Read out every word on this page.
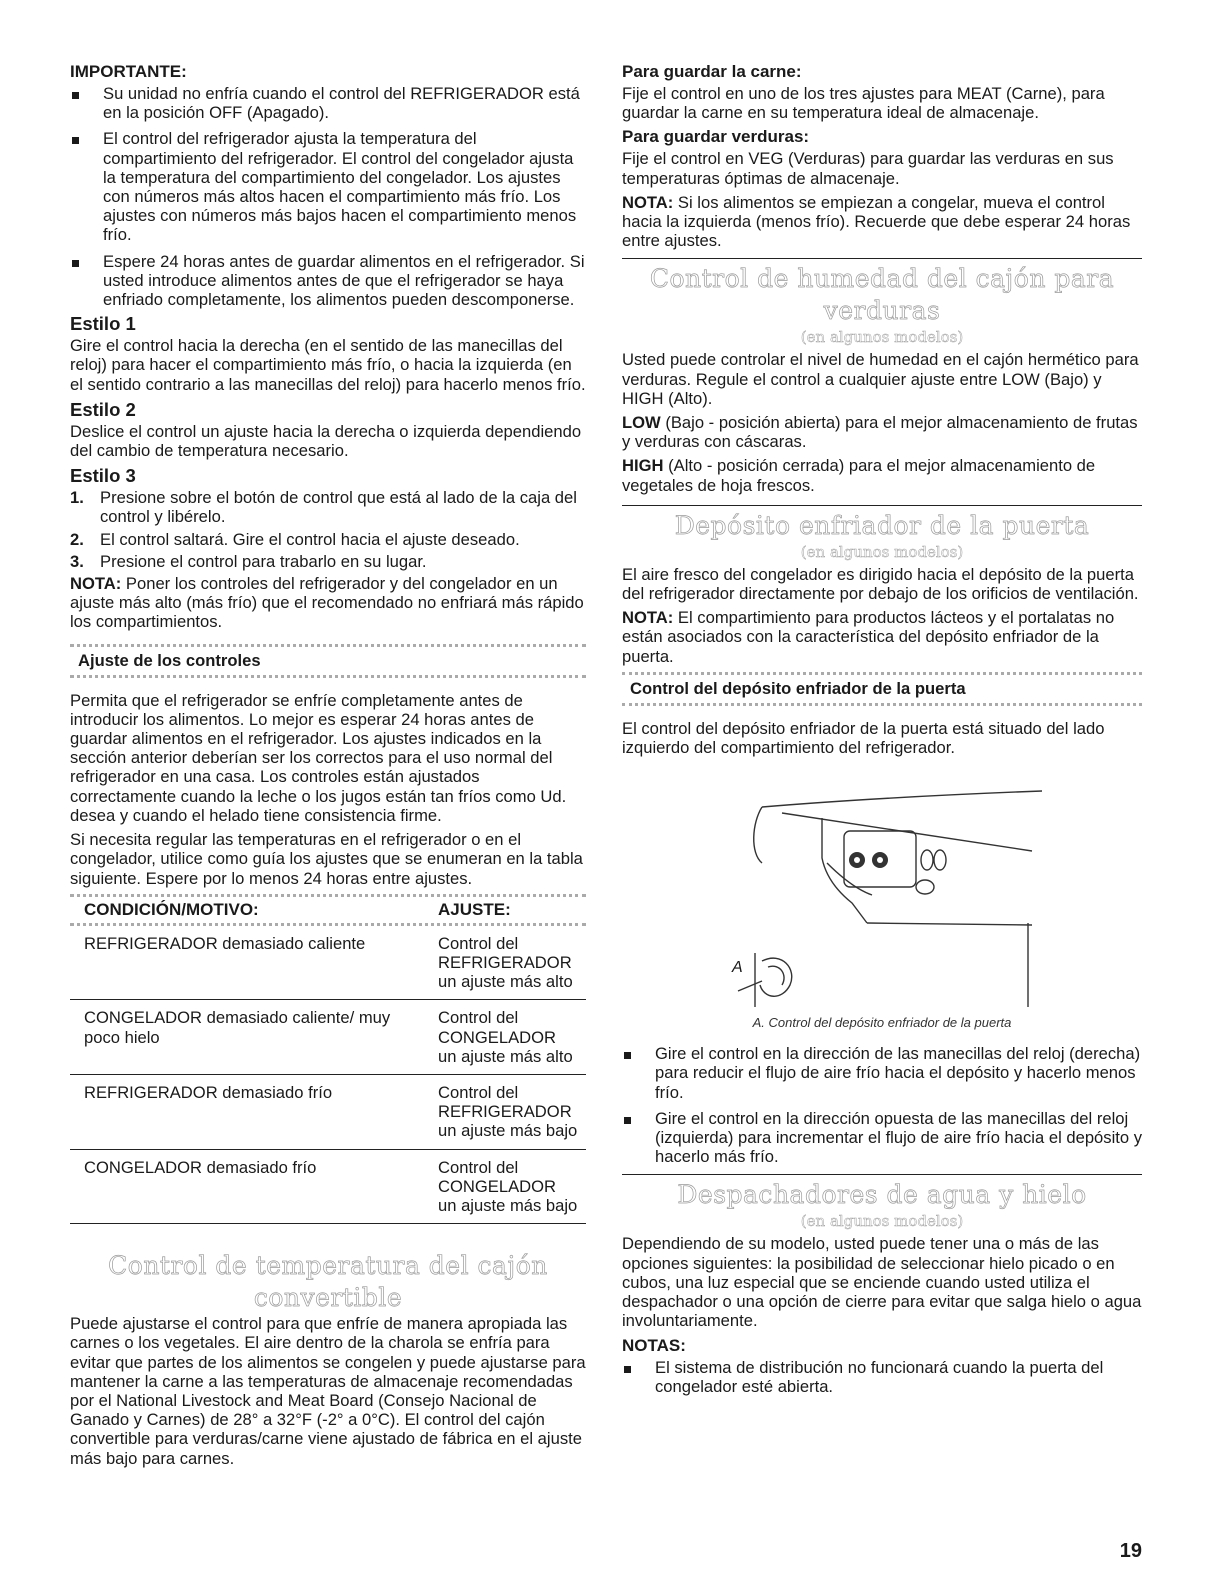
IMPORTANTE:
Su unidad no enfría cuando el control del REFRIGERADOR está en la posición OFF (Apagado).
El control del refrigerador ajusta la temperatura del compartimiento del refrigerador. El control del congelador ajusta la temperatura del compartimiento del congelador. Los ajustes con números más altos hacen el compartimiento más frío. Los ajustes con números más bajos hacen el compartimiento menos frío.
Espere 24 horas antes de guardar alimentos en el refrigerador. Si usted introduce alimentos antes de que el refrigerador se haya enfriado completamente, los alimentos pueden descomponerse.
Estilo 1

Gire el control hacia la derecha (en el sentido de las manecillas del reloj) para hacer el compartimiento más frío, o hacia la izquierda (en el sentido contrario a las manecillas del reloj) para hacerlo menos frío.

Estilo 2

Deslice el control un ajuste hacia la derecha o izquierda dependiendo del cambio de temperatura necesario.

Estilo 3
1. Presione sobre el botón de control que está al lado de la caja del control y libérelo.
2. El control saltará. Gire el control hacia el ajuste deseado.
3. Presione el control para trabarlo en su lugar.

NOTA: Poner los controles del refrigerador y del congelador en un ajuste más alto (más frío) que el recomendado no enfriará más rápido los compartimientos.

Ajuste de los controles

Permita que el refrigerador se enfríe completamente antes de introducir los alimentos. Lo mejor es esperar 24 horas antes de guardar alimentos en el refrigerador. Los ajustes indicados en la sección anterior deberían ser los correctos para el uso normal del refrigerador en una casa. Los controles están ajustados correctamente cuando la leche o los jugos están tan fríos como Ud. desea y cuando el helado tiene consistencia firme.

Si necesita regular las temperaturas en el refrigerador o en el congelador, utilice como guía los ajustes que se enumeran en la tabla siguiente. Espere por lo menos 24 horas entre ajustes.

CONDICIÓN/MOTIVO:	AJUSTE:

REFRIGERADOR demasiado caliente	Control del
REFRIGERADOR
un ajuste más alto

CONGELADOR demasiado caliente/ muy poco hielo	Control del
CONGELADOR
un ajuste más alto

REFRIGERADOR demasiado frío	Control del
REFRIGERADOR
un ajuste más bajo

CONGELADOR demasiado frío	Control del
CONGELADOR
un ajuste más bajo
Control de temperatura del cajón convertible

Puede ajustarse el control para que enfríe de manera apropiada las carnes o los vegetales. El aire dentro de la charola se enfría para evitar que partes de los alimentos se congelen y puede ajustarse para mantener la carne a las temperaturas de almacenaje recomendadas por el National Livestock and Meat Board (Consejo Nacional de Ganado y Carnes) de 28° a 32°F (-2° a 0°C). El control del cajón convertible para verduras/carne viene ajustado de fábrica en el ajuste más bajo para carnes.

Para guardar la carne:

Fije el control en uno de los tres ajustes para MEAT (Carne), para guardar la carne en su temperatura ideal de almacenaje.

Para guardar verduras:

Fije el control en VEG (Verduras) para guardar las verduras en sus temperaturas óptimas de almacenaje.

NOTA: Si los alimentos se empiezan a congelar, mueva el control hacia la izquierda (menos frío). Recuerde que debe esperar 24 horas entre ajustes.

Control de humedad del cajón para verduras
(en algunos modelos)

Usted puede controlar el nivel de humedad en el cajón hermético para verduras. Regule el control a cualquier ajuste entre LOW (Bajo) y HIGH (Alto).

LOW (Bajo - posición abierta) para el mejor almacenamiento de frutas y verduras con cáscaras.

HIGH (Alto - posición cerrada) para el mejor almacenamiento de vegetales de hoja frescos.

Depósito enfriador de la puerta
(en algunos modelos)

El aire fresco del congelador es dirigido hacia el depósito de la puerta del refrigerador directamente por debajo de los orificios de ventilación.

NOTA: El compartimiento para productos lácteos y el portalatas no están asociados con la característica del depósito enfriador de la puerta.

Control del depósito enfriador de la puerta

El control del depósito enfriador de la puerta está situado del lado izquierdo del compartimiento del refrigerador.

A
A. Control del depósito enfriador de la puerta
Gire el control en la dirección de las manecillas del reloj (derecha) para reducir el flujo de aire frío hacia el depósito y hacerlo menos frío.
Gire el control en la dirección opuesta de las manecillas del reloj (izquierda) para incrementar el flujo de aire frío hacia el depósito y hacerlo más frío.
Despachadores de agua y hielo
(en algunos modelos)

Dependiendo de su modelo, usted puede tener una o más de las opciones siguientes: la posibilidad de seleccionar hielo picado o en cubos, una luz especial que se enciende cuando usted utiliza el despachador o una opción de cierre para evitar que salga hielo o agua involuntariamente.

NOTAS:
El sistema de distribución no funcionará cuando la puerta del congelador esté abierta.
19
